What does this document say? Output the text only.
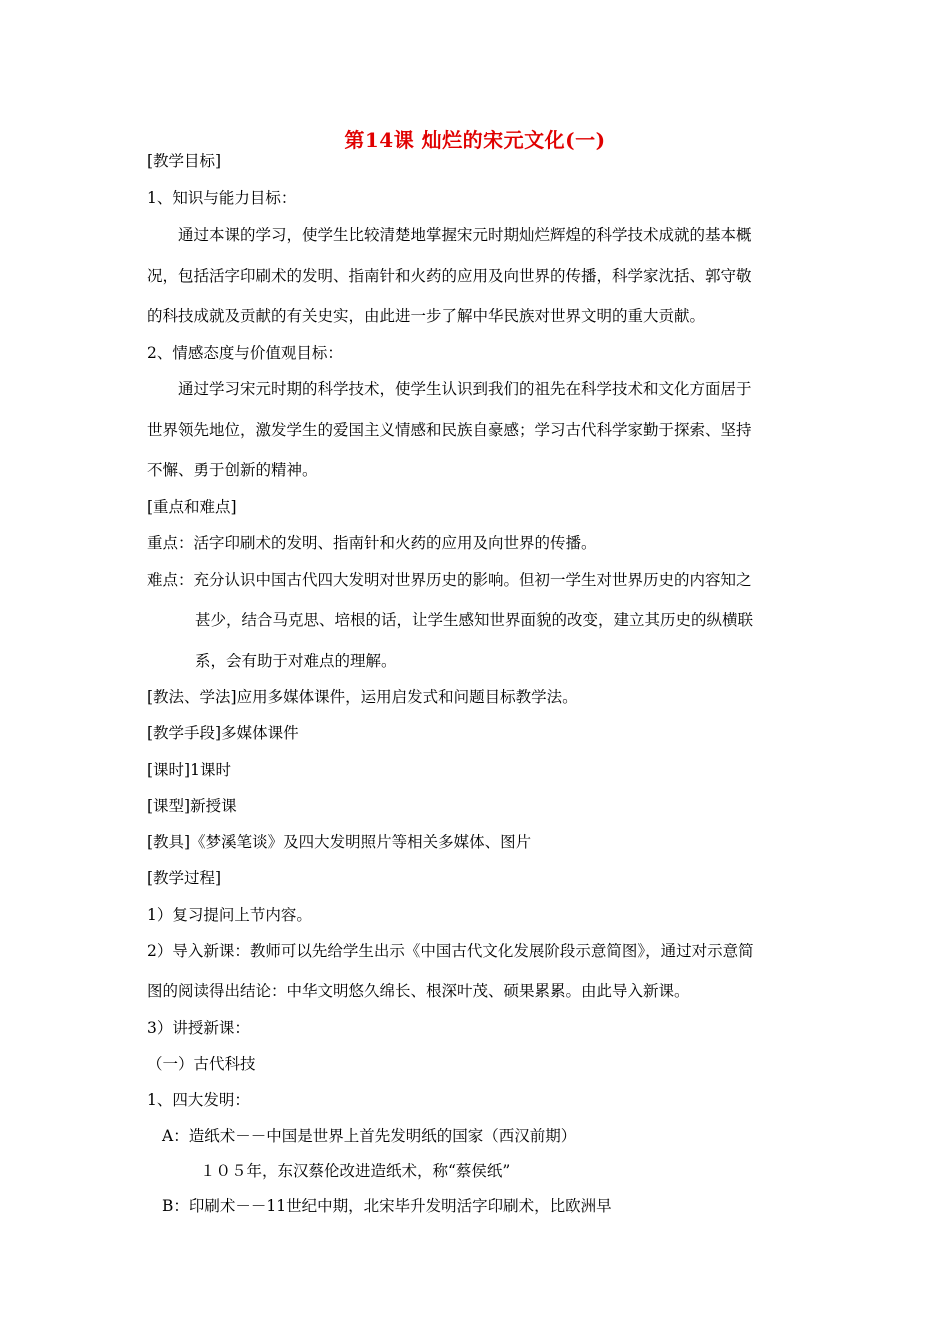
第14课 灿烂的宋元文化(一)
[教学目标]
1、知识与能力目标：
通过本课的学习，使学生比较清楚地掌握宋元时期灿烂辉煌的科学技术成就的基本概
况，包括活字印刷术的发明、指南针和火药的应用及向世界的传播，科学家沈括、郭守敬
的科技成就及贡献的有关史实，由此进一步了解中华民族对世界文明的重大贡献。
2、情感态度与价值观目标：
通过学习宋元时期的科学技术，使学生认识到我们的祖先在科学技术和文化方面居于
世界领先地位，激发学生的爱国主义情感和民族自豪感；学习古代科学家勤于探索、坚持
不懈、勇于创新的精神。
[重点和难点]
重点：活字印刷术的发明、指南针和火药的应用及向世界的传播。
难点：充分认识中国古代四大发明对世界历史的影响。但初一学生对世界历史的内容知之
甚少，结合马克思、培根的话，让学生感知世界面貌的改变，建立其历史的纵横联
系，会有助于对难点的理解。
[教法、学法]应用多媒体课件，运用启发式和问题目标教学法。
[教学手段]多媒体课件
[课时]1课时
[课型]新授课
[教具]《梦溪笔谈》及四大发明照片等相关多媒体、图片
[教学过程]
1）复习提问上节内容。
2）导入新课：教师可以先给学生出示《中国古代文化发展阶段示意简图》，通过对示意简
图的阅读得出结论：中华文明悠久绵长、根深叶茂、硕果累累。由此导入新课。
3）讲授新课：
（一）古代科技
1、四大发明：
A：造纸术－－中国是世界上首先发明纸的国家（西汉前期）
１０５年，东汉蔡伦改进造纸术，称“蔡侯纸”
B：印刷术－－11世纪中期，北宋毕升发明活字印刷术，比欧洲早
